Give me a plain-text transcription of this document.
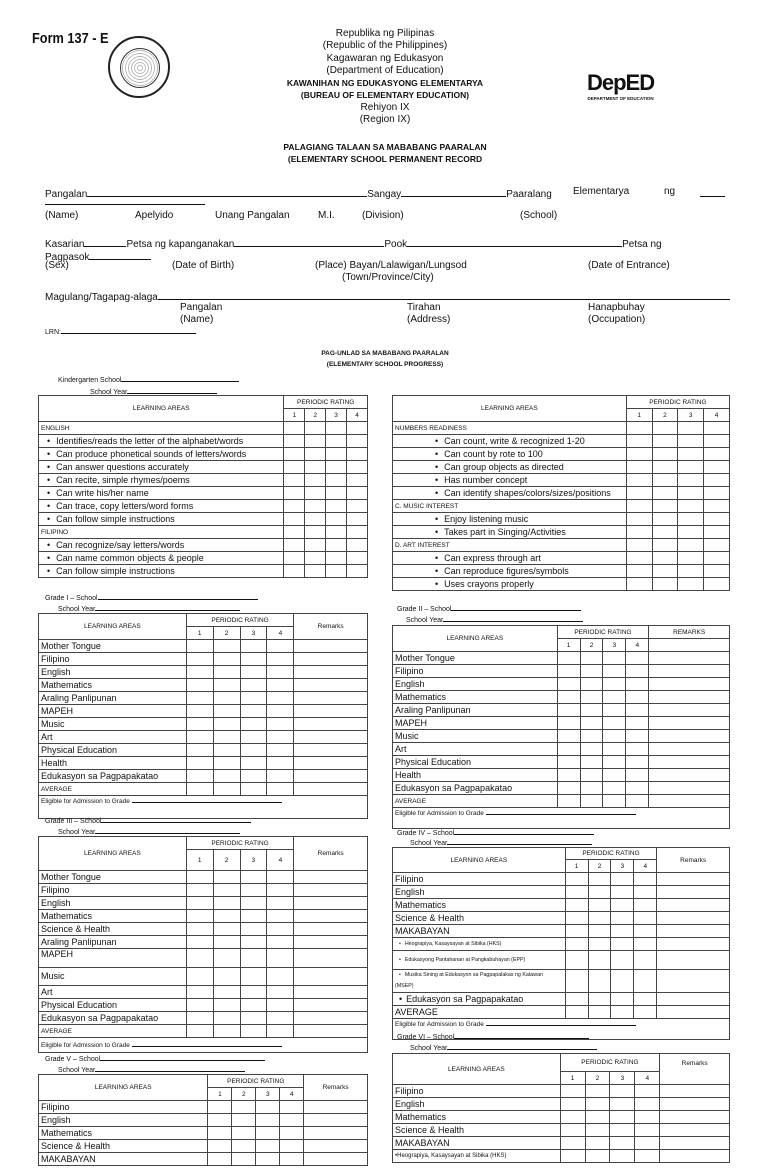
Form 137 - E	Republika ng Pilipinas
(Republic of the Philippines)
Kagawaran ng Edukasyon
(Department of Education)
KAWANIHAN NG EDUKASYONG ELEMENTARYA
(BUREAU OF ELEMENTARY EDUCATION)
Rehiyon IX
(Region IX)
DepED
DEPARTMENT OF EDUCATION
PALAGIANG TALAAN SA MABABANG PAARALAN
(ELEMENTARY SCHOOL PERMANENT RECORD
Pangalan	Sangay	Paaralang Elementarya	ng
(Name)	Apelyido	Unang Pangalan	M.I.	(Division)	(School)
Kasarian	Petsa ng kapanganakan	Pook	Petsa ng
Pagpasok
(Sex)	(Date of Birth)	(Place) Bayan/Lalawigan/Lungsod
(Town/Province/City)
(Date of Entrance)
Magulang/Tagapag-alaga
Pangalan
(Name)
Tirahan
(Address)
Hanapbuhay
(Occupation)
LRN:
PAG-UNLAD SA MABABANG PAARALAN
(ELEMENTARY SCHOOL PROGRESS)
Kindergarten School
School Year
LEARNING AREAS	PERIODIC RATING			
	1	2	3	4
ENGLISH				
• Identifies/reads the letter of the alphabet/words				
• Can produce phonetical sounds of letters/words				
• Can answer questions accurately				
• Can recite, simple rhymes/poems				
• Can write his/her name				
• Can trace, copy letters/word forms				
• Can follow simple instructions				
FILIPINO				
• Can recognize/say letters/words				
• Can name common objects & people				
• Can follow simple instructions				
LEARNING AREAS	PERIODIC RATING			
	1	2	3	4
NUMBERS READINESS				
• Can count, write & recognized 1-20				
• Can count by rote to 100				
• Can group objects as directed				
• Has number concept				
• Can identify shapes/colors/sizes/positions				
C. MUSIC INTEREST				
• Enjoy listening music				
• Takes part in Singing/Activities				
D. ART INTEREST				
• Can express through art				
• Can reproduce figures/symbols				
• Uses crayons properly				
Grade I – School
School Year
LEARNING AREAS	PERIODIC RATING				Remarks
	1	2	3	4	
Mother Tongue					
Filipino					
English					
Mathematics					
Araling Panlipunan					
MAPEH					
Music					
Art					
Physical Education					
Health					
Edukasyon sa Pagpapakatao					
AVERAGE					
Eligible for Admission to Grade					
Grade III – School
School Year
LEARNING AREAS	PERIODIC RATING				Remarks
	1	2	3	4	
Mother Tongue					
Filipino					
English					
Mathematics					
Science & Health					
Araling Panlipunan					
MAPEH					
Music					
Art					
Physical Education					
Edukasyon sa Pagpapakatao					
AVERAGE					
Eligible for Admission to Grade					
Grade V – School
School Year
LEARNING AREAS	PERIODIC RATING				Remarks
	1	2	3	4	
Filipino					
English					
Mathematics					
Science & Health					
MAKABAYAN					
Grade II – School
School Year
LEARNING AREAS	PERIODIC RATING				REMARKS
	1	2	3	4	
Mother Tongue					
Filipino					
English					
Mathematics					
Araling Panlipunan					
MAPEH					
Music					
Art					
Physical Education					
Health					
Edukasyon sa Pagpapakatao					
AVERAGE					
Eligible for Admission to Grade					
Grade IV – School
School Year
LEARNING AREAS	PERIODIC RATING				Remarks
	1	2	3	4	
Filipino					
English					
Mathematics					
Science & Health					
MAKABAYAN					
• Heograpiya, Kasaysayan at Sibika (HKS)					
• Edukasyong Pantahanan at Pangkabuhayan (EPP)					
• Musika Sining at Edukasyon sa Pagpapalakas ng Katawan (MSEP)					
• Edukasyon sa Pagpapakatao					
AVERAGE					
Eligible for Admission to Grade					
Grade VI – School
School Year
LEARNING AREAS	PERIODIC RATING				Remarks
	1	2	3	4	
Filipino					
English					
Mathematics					
Science & Health					
MAKABAYAN					
•Heograpiya, Kasaysayan at Sibika (HKS)					
